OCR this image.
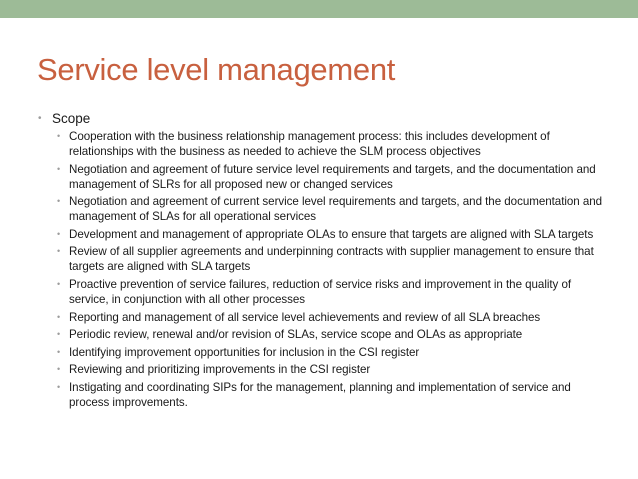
Service level management
• Scope
• Cooperation with the business relationship management process: this includes development of relationships with the business as needed to achieve the SLM process objectives
• Negotiation and agreement of future service level requirements and targets, and the documentation and management of SLRs for all proposed new or changed services
• Negotiation and agreement of current service level requirements and targets, and the documentation and management of SLAs for all operational services
• Development and management of appropriate OLAs to ensure that targets are aligned with SLA targets
• Review of all supplier agreements and underpinning contracts with supplier management to ensure that targets are aligned with SLA targets
• Proactive prevention of service failures, reduction of service risks and improvement in the quality of service, in conjunction with all other processes
• Reporting and management of all service level achievements and review of all SLA breaches
• Periodic review, renewal and/or revision of SLAs, service scope and OLAs as appropriate
• Identifying improvement opportunities for inclusion in the CSI register
• Reviewing and prioritizing improvements in the CSI register
• Instigating and coordinating SIPs for the management, planning and implementation of service and process improvements.
